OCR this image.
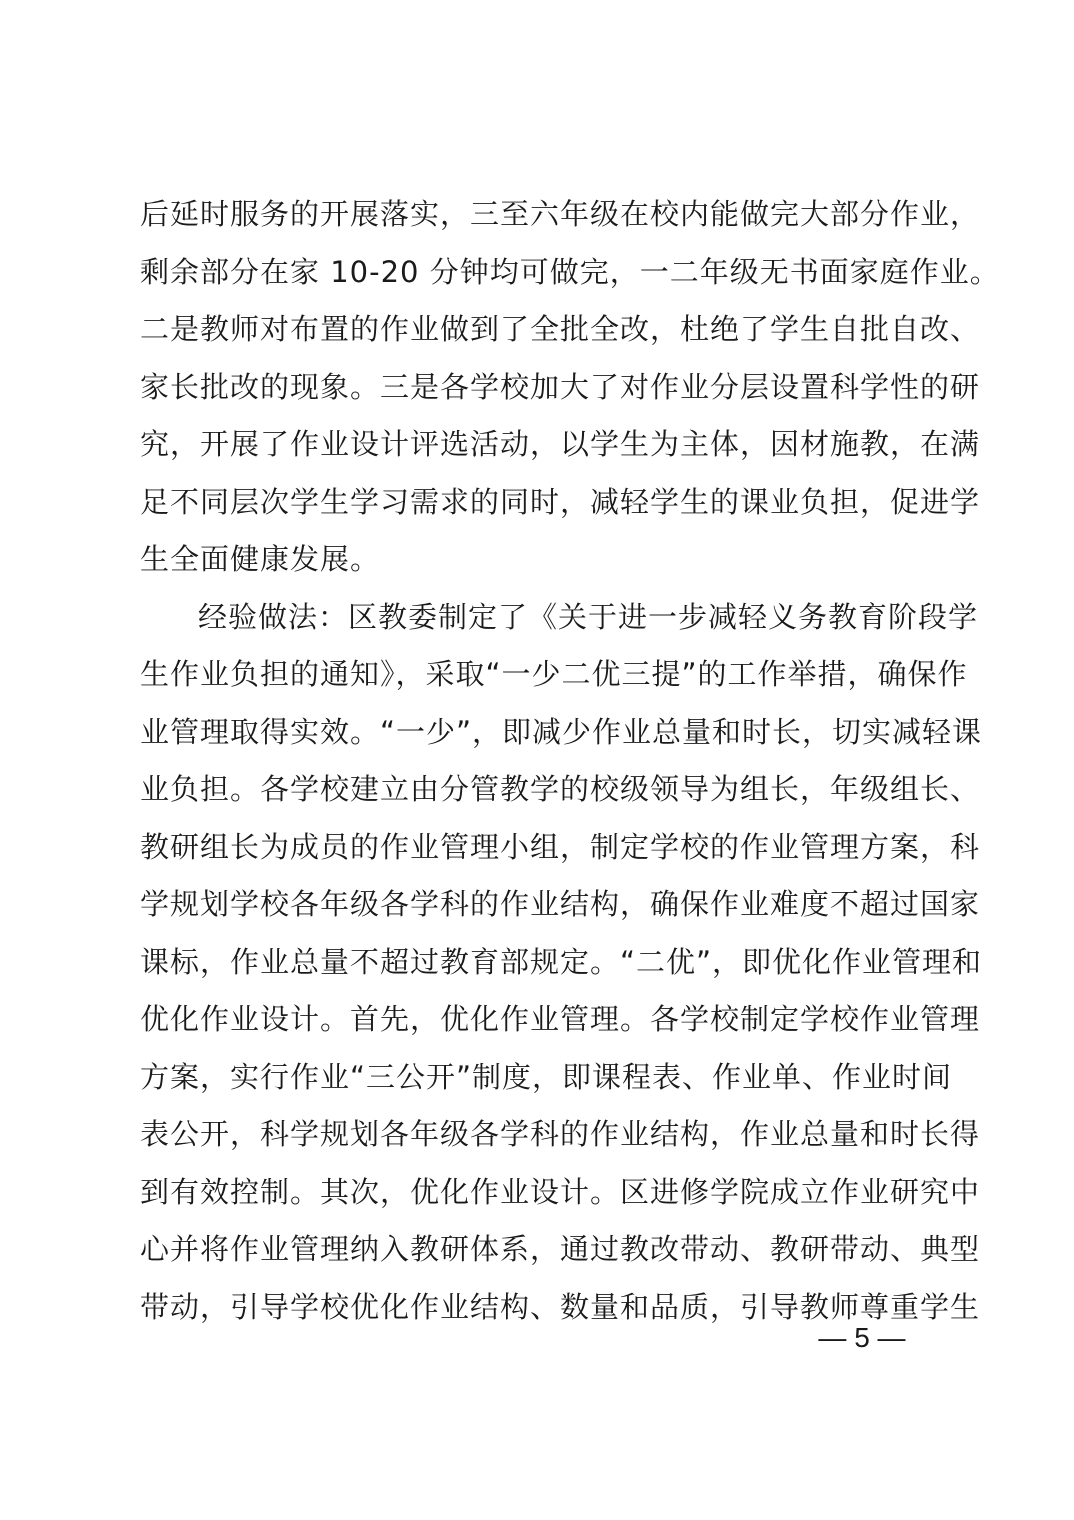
后延时服务的开展落实，三至六年级在校内能做完大部分作业，
剩余部分在家 10-20 分钟均可做完，一二年级无书面家庭作业。
二是教师对布置的作业做到了全批全改，杜绝了学生自批自改、
家长批改的现象。三是各学校加大了对作业分层设置科学性的研
究，开展了作业设计评选活动，以学生为主体，因材施教，在满
足不同层次学生学习需求的同时，减轻学生的课业负担，促进学
生全面健康发展。
经验做法：区教委制定了《关于进一步减轻义务教育阶段学
生作业负担的通知》，采取“一少二优三提”的工作举措，确保作
业管理取得实效。“一少”，即减少作业总量和时长，切实减轻课
业负担。各学校建立由分管教学的校级领导为组长，年级组长、
教研组长为成员的作业管理小组，制定学校的作业管理方案，科
学规划学校各年级各学科的作业结构，确保作业难度不超过国家
课标，作业总量不超过教育部规定。“二优”，即优化作业管理和
优化作业设计。首先，优化作业管理。各学校制定学校作业管理
方案，实行作业“三公开”制度，即课程表、作业单、作业时间
表公开，科学规划各年级各学科的作业结构，作业总量和时长得
到有效控制。其次，优化作业设计。区进修学院成立作业研究中
心并将作业管理纳入教研体系，通过教改带动、教研带动、典型
带动，引导学校优化作业结构、数量和品质，引导教师尊重学生
— 5 —
